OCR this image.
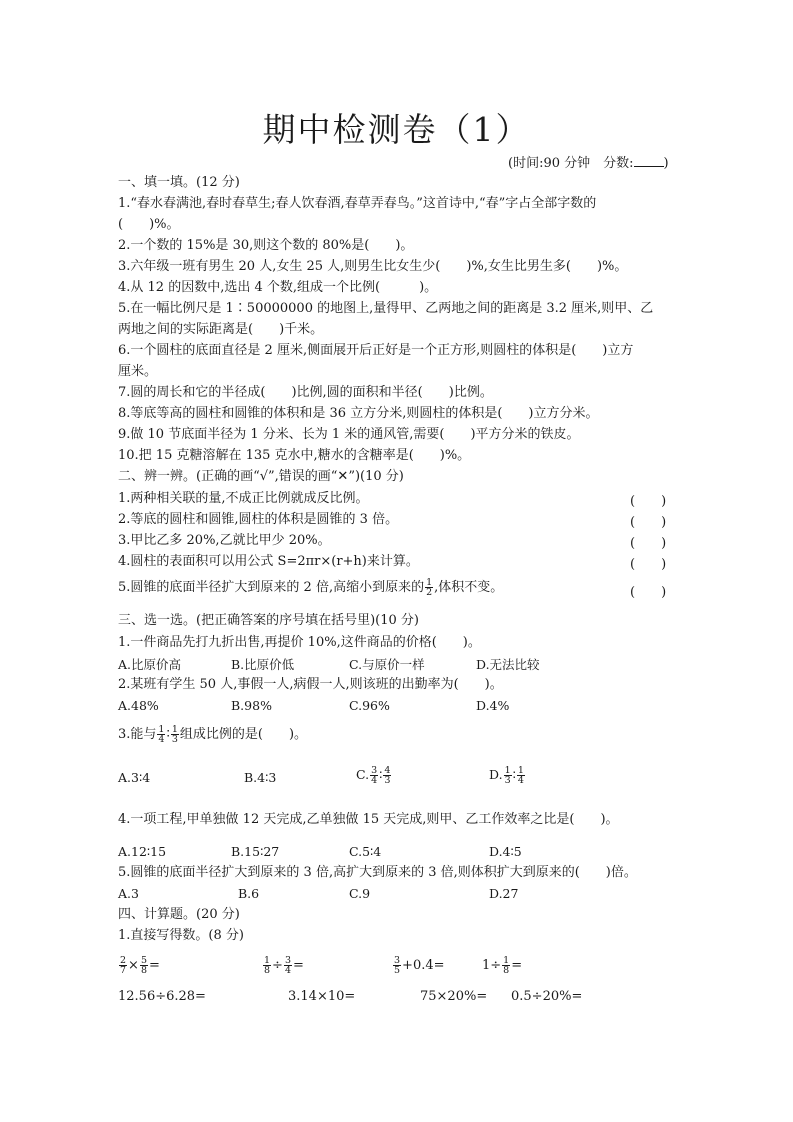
期中检测卷（1）
(时间:90 分钟　分数: )
一、填一填。(12 分)
1.“春水春满池,春时春草生;春人饮春酒,春草弄春鸟。”这首诗中,“春”字占全部字数的
(　　)%。
2.一个数的 15%是 30,则这个数的 80%是(　　)。
3.六年级一班有男生 20 人,女生 25 人,则男生比女生少(　　)%,女生比男生多(　　)%。
4.从 12 的因数中,选出 4 个数,组成一个比例(　　　)。
5.在一幅比例尺是 1∶50000000 的地图上,量得甲、乙两地之间的距离是 3.2 厘米,则甲、乙
两地之间的实际距离是(　　)千米。
6.一个圆柱的底面直径是 2 厘米,侧面展开后正好是一个正方形,则圆柱的体积是(　　)立方
厘米。
7.圆的周长和它的半径成(　　)比例,圆的面积和半径(　　)比例。
8.等底等高的圆柱和圆锥的体积和是 36 立方分米,则圆柱的体积是(　　)立方分米。
9.做 10 节底面半径为 1 分米、长为 1 米的通风管,需要(　　)平方分米的铁皮。
10.把 15 克糖溶解在 135 克水中,糖水的含糖率是(　　)%。
二、辨一辨。(正确的画“√”,错误的画“✕”)(10 分)
1.两种相关联的量,不成正比例就成反比例。	(　　)
2.等底的圆柱和圆锥,圆柱的体积是圆锥的 3 倍。	(　　)
3.甲比乙多 20%,乙就比甲少 20%。	(　　)
4.圆柱的表面积可以用公式 S=2πr×(r+h)来计算。	(　　)
5.圆锥的底面半径扩大到原来的 2 倍,高缩小到原来的 $\frac{1}{2}$ ,体积不变。	(　　)
三、选一选。(把正确答案的序号填在括号里)(10 分)
1.一件商品先打九折出售,再提价 10%,这件商品的价格(　　)。
A.比原价高	B.比原价低	C.与原价一样	D.无法比较
2.某班有学生 50 人,事假一人,病假一人,则该班的出勤率为(　　)。
A.48%	B.98%	C.96%	D.4%
3.能与 $\frac{1}{4}$ ∶ $\frac{1}{3}$ 组成比例的是(　　)。
A.3∶4	B.4∶3	C. $\frac{3}{4}$ ∶ $\frac{4}{3}$	D. $\frac{1}{3}$ ∶ $\frac{1}{4}$
4.一项工程,甲单独做 12 天完成,乙单独做 15 天完成,则甲、乙工作效率之比是(　　)。
A.12∶15	B.15∶27	C.5∶4	D.4∶5
5.圆锥的底面半径扩大到原来的 3 倍,高扩大到原来的 3 倍,则体积扩大到原来的(　　)倍。
A.3	B.6	C.9	D.27
四、计算题。(20 分)
1.直接写得数。(8 分)
$\frac{2}{7} \times \frac{5}{8}$ =	$\frac{1}{8} \div \frac{3}{4}$ =	$\frac{3}{5} +0.4=$	$1\div \frac{1}{8}$ =
12.56÷6.28=	3.14×10=	75×20%= 0.5÷20%=
